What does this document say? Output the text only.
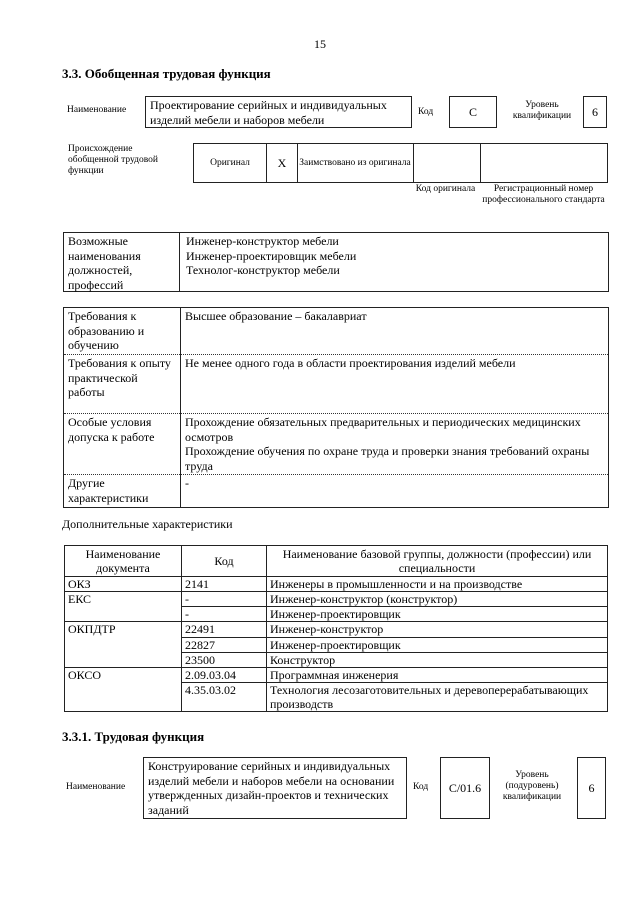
15
3.3. Обобщенная трудовая функция
Наименование	Проектирование серийных и индивидуальных изделий мебели и наборов мебели
Код	C	Уровень квалификации	6
Происхождение обобщенной трудовой функции
Оригинал	X	Заимствовано из оригинала
Код оригинала	Регистрационный номер профессионального стандарта
Возможные наименования должностей, профессий
Инженер-конструктор мебели
Инженер-проектировщик мебели
Технолог-конструктор мебели
Требования к образованию и обучению	Высшее образование – бакалавриат

Требования к опыту практической работы	Не менее одного года в области проектирования изделий мебели

Особые условия допуска к работе	Прохождение обязательных предварительных и периодических медицинских осмотров
Прохождение обучения по охране труда и проверки знания требований охраны труда

Другие характеристики	-
Дополнительные характеристики
Наименование документа	Код	Наименование базовой группы, должности (профессии) или специальности
ОКЗ	2141	Инженеры в промышленности и на производстве
ЕКС	-	Инженер-конструктор (конструктор)
	-	Инженер-проектировщик
ОКПДТР	22491	Инженер-конструктор
	22827	Инженер-проектировщик
	23500	Конструктор
ОКСО	2.09.03.04	Программная инженерия
	4.35.03.02	Технология лесозаготовительных и деревоперерабатывающих производств
3.3.1. Трудовая функция
Наименование
Конструирование серийных и индивидуальных изделий мебели и наборов мебели на основании утвержденных дизайн-проектов и технических заданий
Код	C/01.6
Уровень (подуровень) квалификации
6
